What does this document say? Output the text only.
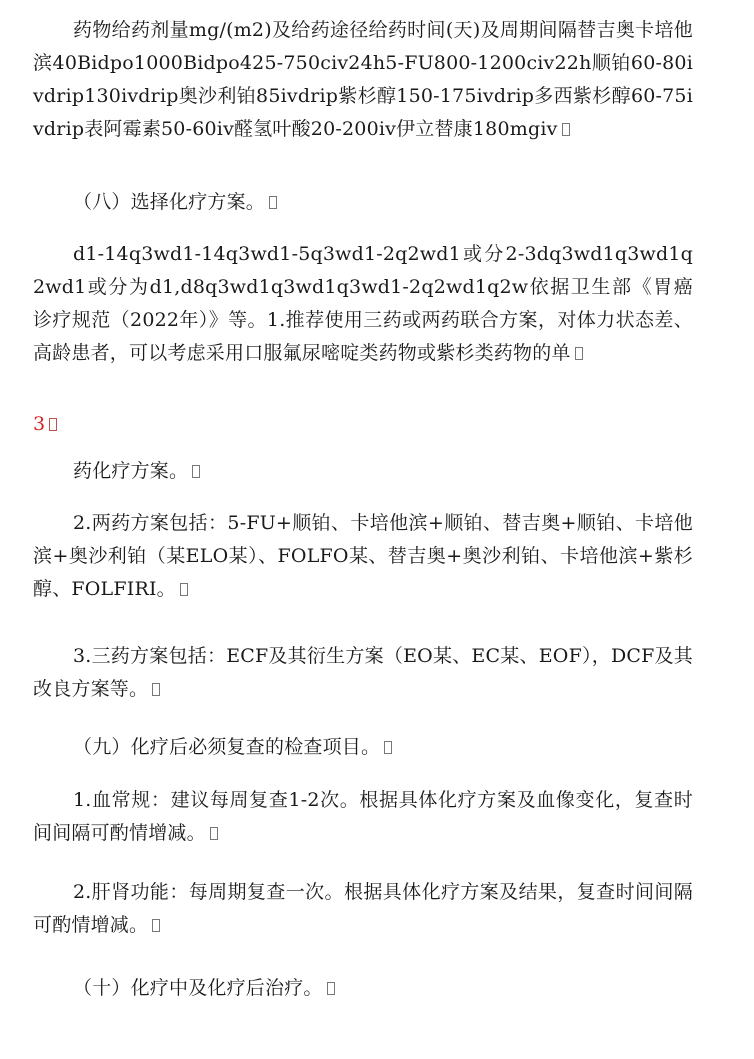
药物给药剂量mg/(m2)及给药途径给药时间(天)及周期间隔替吉奥卡培他滨40Bidpo1000Bidpo425-750civ24h5-FU800-1200civ22h顺铂60-80ivdrip130ivdrip奥沙利铂85ivdrip紫杉醇150-175ivdrip多西紫杉醇60-75ivdrip表阿霉素50-60iv醛氢叶酸20-200iv伊立替康180mgiv

（八）选择化疗方案。

d1-14q3wd1-14q3wd1-5q3wd1-2q2wd1或分2-3dq3wd1q3wd1q2wd1或分为d1,d8q3wd1q3wd1q3wd1-2q2wd1q2w依据卫生部《胃癌诊疗规范（2022年）》等。1.推荐使用三药或两药联合方案，对体力状态差、高龄患者，可以考虑采用口服氟尿嘧啶类药物或紫杉类药物的单

3

药化疗方案。

2.两药方案包括：5-FU+顺铂、卡培他滨+顺铂、替吉奥+顺铂、卡培他滨+奥沙利铂（某ELO某）、FOLFO某、替吉奥+奥沙利铂、卡培他滨+紫杉醇、FOLFIRI。

3.三药方案包括：ECF及其衍生方案（EO某、EC某、EOF），DCF及其改良方案等。

（九）化疗后必须复查的检查项目。

1.血常规：建议每周复查1-2次。根据具体化疗方案及血像变化，复查时间间隔可酌情增减。

2.肝肾功能：每周期复查一次。根据具体化疗方案及结果，复查时间间隔可酌情增减。

（十）化疗中及化疗后治疗。
